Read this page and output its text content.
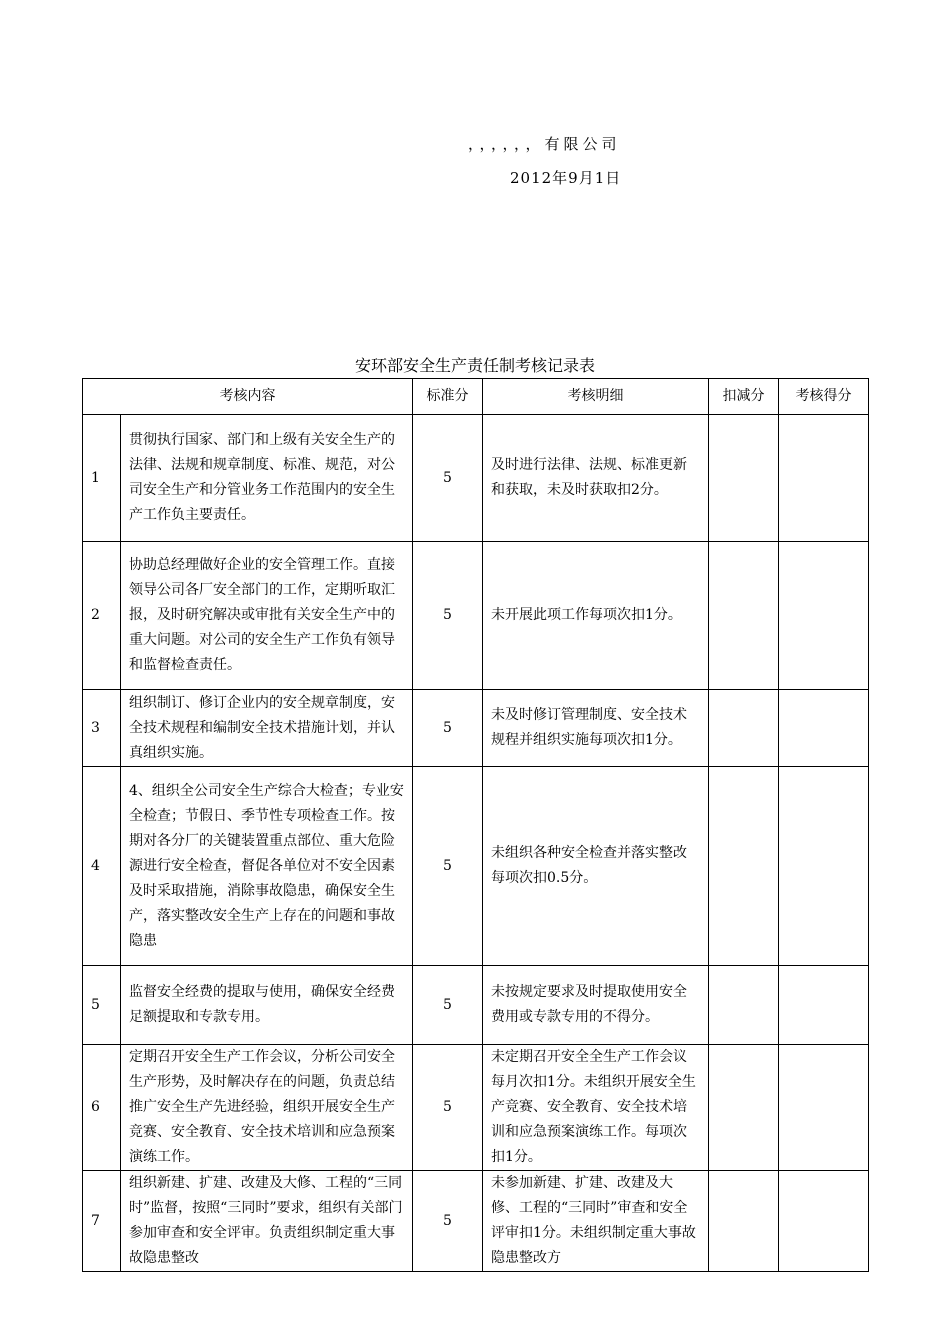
，，，，，，有限公司
2012年9月1日
安环部安全生产责任制考核记录表
考核内容		标准分	考核明细	扣减分	考核得分
1	贯彻执行国家、部门和上级有关安全生产的法律、法规和规章制度、标准、规范，对公司安全生产和分管业务工作范围内的安全生产工作负主要责任。	5	及时进行法律、法规、标准更新和获取，未及时获取扣2分。		
2	协助总经理做好企业的安全管理工作。直接领导公司各厂安全部门的工作，定期听取汇报，及时研究解决或审批有关安全生产中的重大问题。对公司的安全生产工作负有领导和监督检查责任。	5	未开展此项工作每项次扣1分。		
3	组织制订、修订企业内的安全规章制度，安全技术规程和编制安全技术措施计划，并认真组织实施。	5	未及时修订管理制度、安全技术规程并组织实施每项次扣1分。		
4	4、组织全公司安全生产综合大检查；专业安全检查；节假日、季节性专项检查工作。按期对各分厂的关键装置重点部位、重大危险源进行安全检查，督促各单位对不安全因素及时采取措施，消除事故隐患，确保安全生产，落实整改安全生产上存在的问题和事故隐患	5	未组织各种安全检查并落实整改每项次扣0.5分。		
5	监督安全经费的提取与使用，确保安全经费足额提取和专款专用。	5	未按规定要求及时提取使用安全费用或专款专用的不得分。		
6	定期召开安全生产工作会议，分析公司安全生产形势，及时解决存在的问题，负责总结推广安全生产先进经验，组织开展安全生产竞赛、安全教育、安全技术培训和应急预案演练工作。	5	未定期召开安全全生产工作会议每月次扣1分。未组织开展安全生产竞赛、安全教育、安全技术培训和应急预案演练工作。每项次扣1分。		
7	组织新建、扩建、改建及大修、工程的“三同时”监督，按照“三同时”要求，组织有关部门参加审查和安全评审。负责组织制定重大事故隐患整改	5	未参加新建、扩建、改建及大修、工程的“三同时”审查和安全评审扣1分。未组织制定重大事故隐患整改方		
